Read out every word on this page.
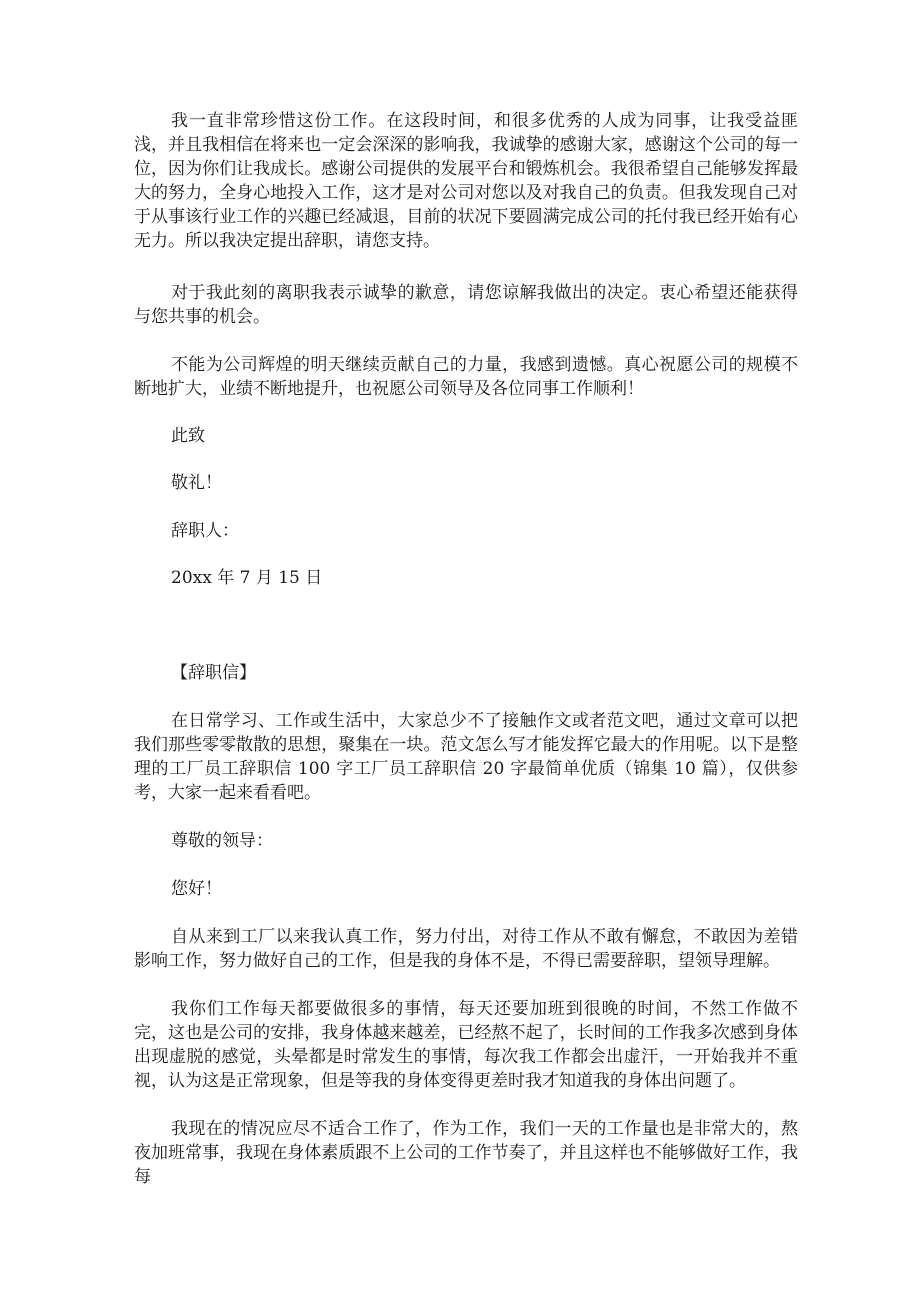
我一直非常珍惜这份工作。在这段时间，和很多优秀的人成为同事，让我受益匪浅，并且我相信在将来也一定会深深的影响我，我诚挚的感谢大家，感谢这个公司的每一位，因为你们让我成长。感谢公司提供的发展平台和锻炼机会。我很希望自己能够发挥最大的努力，全身心地投入工作，这才是对公司对您以及对我自己的负责。但我发现自己对于从事该行业工作的兴趣已经减退，目前的状况下要圆满完成公司的托付我已经开始有心无力。所以我决定提出辞职，请您支持。

对于我此刻的离职我表示诚挚的歉意，请您谅解我做出的决定。衷心希望还能获得与您共事的机会。

不能为公司辉煌的明天继续贡献自己的力量，我感到遗憾。真心祝愿公司的规模不断地扩大，业绩不断地提升，也祝愿公司领导及各位同事工作顺利！

此致

敬礼！

辞职人：

20xx 年 7 月 15 日

【辞职信】

在日常学习、工作或生活中，大家总少不了接触作文或者范文吧，通过文章可以把我们那些零零散散的思想，聚集在一块。范文怎么写才能发挥它最大的作用呢。以下是整理的工厂员工辞职信 100 字工厂员工辞职信 20 字最简单优质（锦集 10 篇），仅供参考，大家一起来看看吧。

尊敬的领导：

您好！

自从来到工厂以来我认真工作，努力付出，对待工作从不敢有懈怠，不敢因为差错影响工作，努力做好自己的工作，但是我的身体不是，不得已需要辞职，望领导理解。

我你们工作每天都要做很多的事情，每天还要加班到很晚的时间，不然工作做不完，这也是公司的安排，我身体越来越差，已经熬不起了，长时间的工作我多次感到身体出现虚脱的感觉，头晕都是时常发生的事情，每次我工作都会出虚汗，一开始我并不重视，认为这是正常现象，但是等我的身体变得更差时我才知道我的身体出问题了。

我现在的情况应尽不适合工作了，作为工作，我们一天的工作量也是非常大的，熬夜加班常事，我现在身体素质跟不上公司的工作节奏了，并且这样也不能够做好工作，我每
